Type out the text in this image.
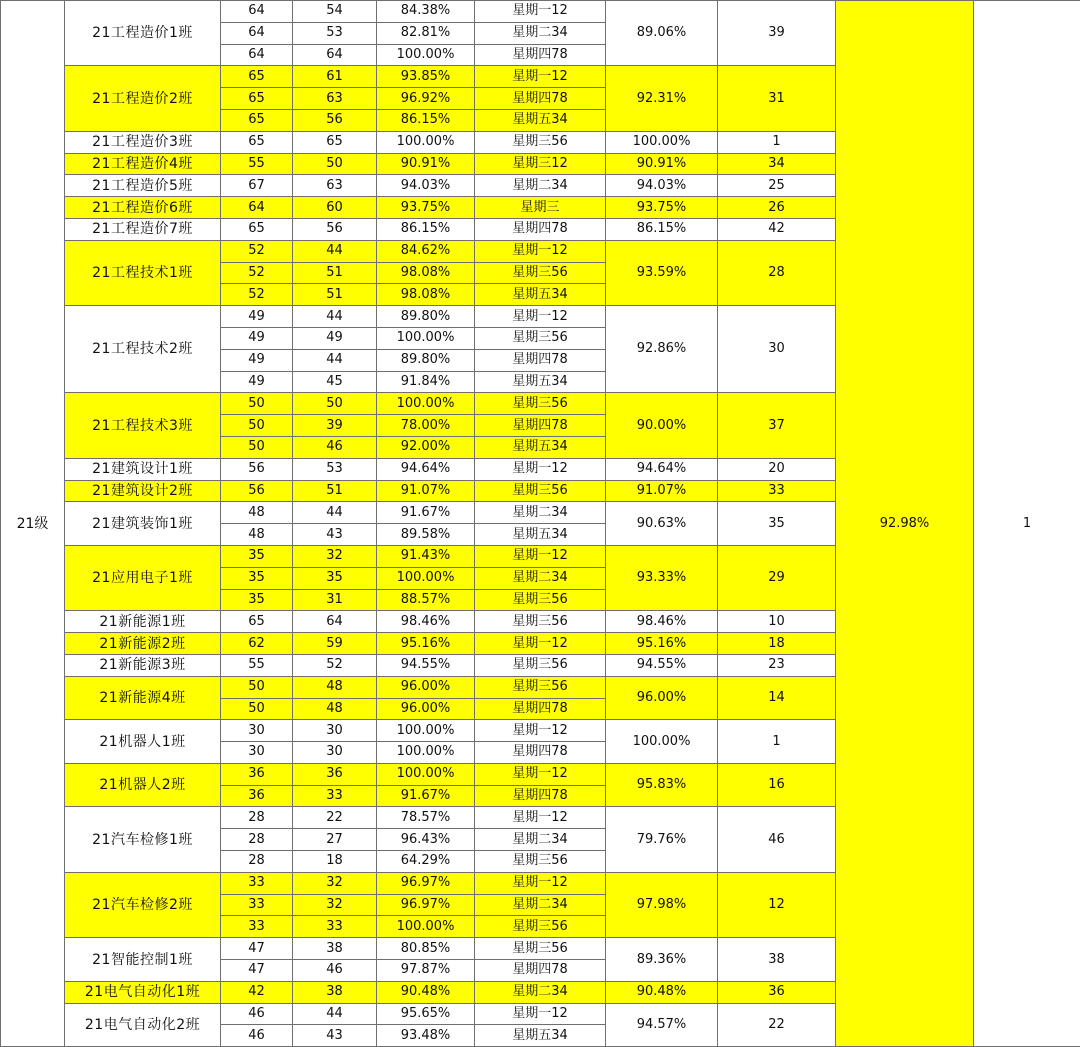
21级	21工程造价1班	64	54	84.38%	星期一12	89.06%	39	92.98%	1
		64	53	82.81%	星期二34				
		64	64	100.00%	星期四78				
	21工程造价2班	65	61	93.85%	星期一12	92.31%	31		
		65	63	96.92%	星期四78				
		65	56	86.15%	星期五34				
	21工程造价3班	65	65	100.00%	星期三56	100.00%	1		
	21工程造价4班	55	50	90.91%	星期三12	90.91%	34		
	21工程造价5班	67	63	94.03%	星期二34	94.03%	25		
	21工程造价6班	64	60	93.75%	星期三	93.75%	26		
	21工程造价7班	65	56	86.15%	星期四78	86.15%	42		
	21工程技术1班	52	44	84.62%	星期一12	93.59%	28		
		52	51	98.08%	星期三56				
		52	51	98.08%	星期五34				
	21工程技术2班	49	44	89.80%	星期一12	92.86%	30		
		49	49	100.00%	星期三56				
		49	44	89.80%	星期四78				
		49	45	91.84%	星期五34				
	21工程技术3班	50	50	100.00%	星期三56	90.00%	37		
		50	39	78.00%	星期四78				
		50	46	92.00%	星期五34				
	21建筑设计1班	56	53	94.64%	星期一12	94.64%	20		
	21建筑设计2班	56	51	91.07%	星期三56	91.07%	33		
	21建筑装饰1班	48	44	91.67%	星期二34	90.63%	35		
		48	43	89.58%	星期五34				
	21应用电子1班	35	32	91.43%	星期一12	93.33%	29		
		35	35	100.00%	星期二34				
		35	31	88.57%	星期三56				
	21新能源1班	65	64	98.46%	星期三56	98.46%	10		
	21新能源2班	62	59	95.16%	星期一12	95.16%	18		
	21新能源3班	55	52	94.55%	星期三56	94.55%	23		
	21新能源4班	50	48	96.00%	星期三56	96.00%	14		
		50	48	96.00%	星期四78				
	21机器人1班	30	30	100.00%	星期一12	100.00%	1		
		30	30	100.00%	星期四78				
	21机器人2班	36	36	100.00%	星期一12	95.83%	16		
		36	33	91.67%	星期四78				
	21汽车检修1班	28	22	78.57%	星期一12	79.76%	46		
		28	27	96.43%	星期二34				
		28	18	64.29%	星期三56				
	21汽车检修2班	33	32	96.97%	星期一12	97.98%	12		
		33	32	96.97%	星期二34				
		33	33	100.00%	星期三56				
	21智能控制1班	47	38	80.85%	星期三56	89.36%	38		
		47	46	97.87%	星期四78				
	21电气自动化1班	42	38	90.48%	星期二34	90.48%	36		
	21电气自动化2班	46	44	95.65%	星期一12	94.57%	22		
		46	43	93.48%	星期五34				
